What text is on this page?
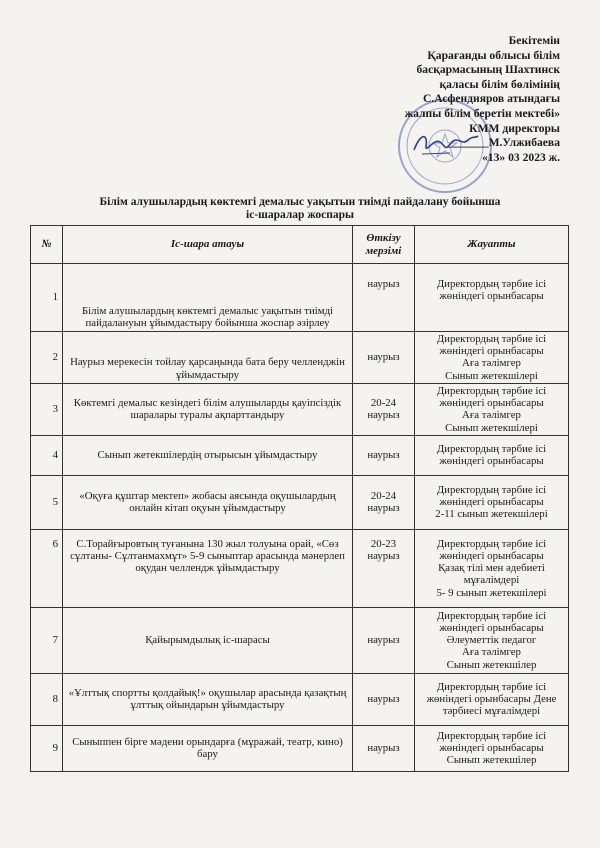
Бекітемін
Қарағанды облысы білім
басқармасының Шахтинск
қаласы білім бөлімінің
С.Асфендияров атындағы
жалпы білім беретін мектебі»
КММ директоры
_______М.Улжибаева
«13» 03 2023 ж.
Білім алушылардың көктемгі демалыс уақытын тиімді пайдалану бойынша
іс-шаралар жоспары
№	Іс-шара атауы	Өткізу мерзімі	Жауапты
1	Білім алушылардың көктемгі демалыс уақытын тиімді пайдалануын ұйымдастыру бойынша жоспар әзірлеу	наурыз	Директордың тәрбие ісі жөніндегі орынбасары

2	Наурыз мерекесін тойлау қарсаңында бата беру челленджін ұйымдастыру	наурыз	Директордың тәрбие ісі жөніндегі орынбасары
Аға тәлімгер
Сынып жетекшілері

3	Көктемгі демалыс кезіндегі білім алушыларды қауіпсіздік шаралары туралы ақпарттандыру	20-24 наурыз	Директордың тәрбие ісі жөніндегі орынбасары
Аға тәлімгер
Сынып жетекшілері

4	Сынып жетекшілердің отырысын ұйымдастыру	наурыз	Директордың тәрбие ісі жөніндегі орынбасары

5	«Оқуға құштар мектеп» жобасы аясында оқушылардың онлайн кітап оқуын ұйымдастыру	20-24 наурыз	Директордың тәрбие ісі жөніндегі орынбасары
2-11 сынып жетекшілері

6	С.Торайғыровтың туғанына 130 жыл толуына орай, «Сөз сұлтаны- Сұлтанмахмұт» 5-9 сыныптар арасында мәнерлеп оқудан челлендж ұйымдастыру	20-23 наурыз	Директордың тәрбие ісі жөніндегі орынбасары
Қазақ тілі мен әдебиеті мұғалімдері
5- 9 сынып жетекшілері

7	Қайырымдылық іс-шарасы	наурыз	Директордың тәрбие ісі жөніндегі орынбасары
Әлеуметтік педагог
Аға тәлімгер
Сынып жетекшілер

8	«Ұлттық спортты қолдайық!» оқушылар арасында қазақтың ұлттық ойындарын ұйымдастыру	наурыз	Директордың тәрбие ісі жөніндегі орынбасары Дене тәрбиесі мұғалімдері

9	Сыныппен бірге мәдени орындарға (мұражай, театр, кино) бару	наурыз	Директордың тәрбие ісі жөніндегі орынбасары
Сынып жетекшілер
